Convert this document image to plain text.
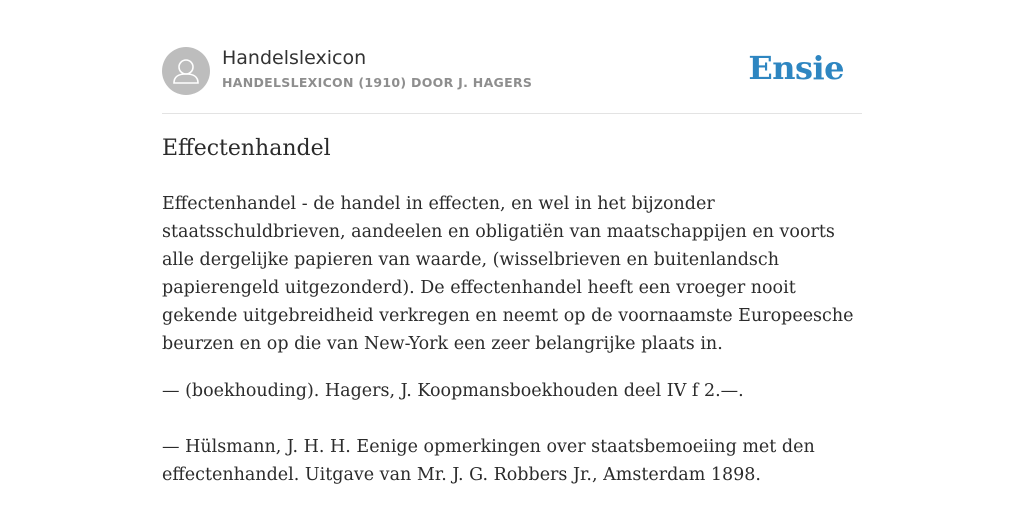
Handelslexicon
HANDELSLEXICON (1910) DOOR J. HAGERS	Ensie
Effectenhandel

Effectenhandel - de handel in effecten, en wel in het bijzonder staatsschuldbrieven, aandeelen en obligatiën van maatschappijen en voorts alle dergelijke papieren van waarde, (wisselbrieven en buitenlandsch papierengeld uitgezonderd). De effectenhandel heeft een vroeger nooit gekende uitgebreidheid verkregen en neemt op de voornaamste Europeesche beurzen en op die van New-York een zeer belangrijke plaats in.

— (boekhouding). Hagers, J. Koopmansboekhouden deel IV f 2.—.

— Hülsmann, J. H. H. Eenige opmerkingen over staatsbemoeiing met den effectenhandel. Uitgave van Mr. J. G. Robbers Jr., Amsterdam 1898.
